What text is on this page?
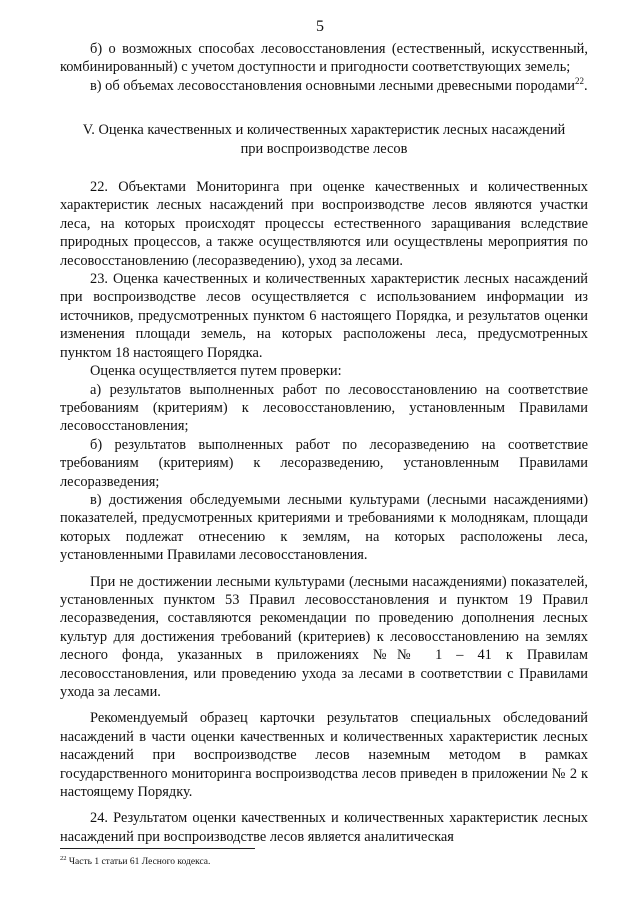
5

б) о возможных способах лесовосстановления (естественный, искусственный, комбинированный) с учетом доступности и пригодности соответствующих земель;

в) об объемах лесовосстановления основными лесными древесными породами$^{22}$.

V. Оценка качественных и количественных характеристик лесных насаждений
при воспроизводстве лесов

22. Объектами Мониторинга при оценке качественных и количественных характеристик лесных насаждений при воспроизводстве лесов являются участки леса, на которых происходят процессы естественного заращивания вследствие природных процессов, а также осуществляются или осуществлены мероприятия по лесовосстановлению (лесоразведению), уход за лесами.

23. Оценка качественных и количественных характеристик лесных насаждений при воспроизводстве лесов осуществляется с использованием информации из источников, предусмотренных пунктом 6 настоящего Порядка, и результатов оценки изменения площади земель, на которых расположены леса, предусмотренных пунктом 18 настоящего Порядка.

Оценка осуществляется путем проверки:

а) результатов выполненных работ по лесовосстановлению на соответствие требованиям (критериям) к лесовосстановлению, установленным Правилами лесовосстановления;

б) результатов выполненных работ по лесоразведению на соответствие требованиям (критериям) к лесоразведению, установленным Правилами лесоразведения;

в) достижения обследуемыми лесными культурами (лесными насаждениями) показателей, предусмотренных критериями и требованиями к молоднякам, площади которых подлежат отнесению к землям, на которых расположены леса, установленными Правилами лесовосстановления.

При не достижении лесными культурами (лесными насаждениями) показателей, установленных пунктом 53 Правил лесовосстановления и пунктом 19 Правил лесоразведения, составляются рекомендации по проведению дополнения лесных культур для достижения требований (критериев) к лесовосстановлению на землях лесного фонда, указанных в приложениях №№ 1 – 41 к Правилам лесовосстановления, или проведению ухода за лесами в соответствии с Правилами ухода за лесами.

Рекомендуемый образец карточки результатов специальных обследований насаждений в части оценки качественных и количественных характеристик лесных насаждений при воспроизводстве лесов наземным методом в рамках государственного мониторинга воспроизводства лесов приведен в приложении № 2 к настоящему Порядку.

24. Результатом оценки качественных и количественных характеристик лесных насаждений при воспроизводстве лесов является аналитическая

$^{22}$ Часть 1 статьи 61 Лесного кодекса.
